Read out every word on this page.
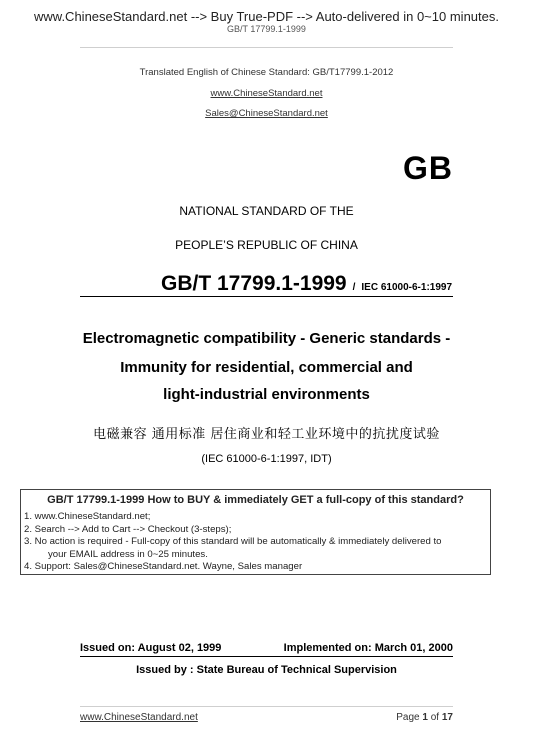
www.ChineseStandard.net --> Buy True-PDF --> Auto-delivered in 0~10 minutes.
GB/T 17799.1-1999
Translated English of Chinese Standard: GB/T17799.1-2012
www.ChineseStandard.net
Sales@ChineseStandard.net
GB
NATIONAL STANDARD OF THE
PEOPLE’S REPUBLIC OF CHINA
GB/T 17799.1-1999 / IEC 61000-6-1:1997
Electromagnetic compatibility - Generic standards -
Immunity for residential, commercial and
light-industrial environments
电磁兼容 通用标准 居住商业和轻工业环境中的抗扰度试验
(IEC 61000-6-1:1997, IDT)
GB/T 17799.1-1999 How to BUY & immediately GET a full-copy of this standard?
1. www.ChineseStandard.net;
2. Search --> Add to Cart --> Checkout (3-steps);
3. No action is required - Full-copy of this standard will be automatically & immediately delivered to
your EMAIL address in 0~25 minutes.
4. Support: Sales@ChineseStandard.net. Wayne, Sales manager
Issued on: August 02, 1999	Implemented on: March 01, 2000
Issued by : State Bureau of Technical Supervision
www.ChineseStandard.net	Page 1 of 17
